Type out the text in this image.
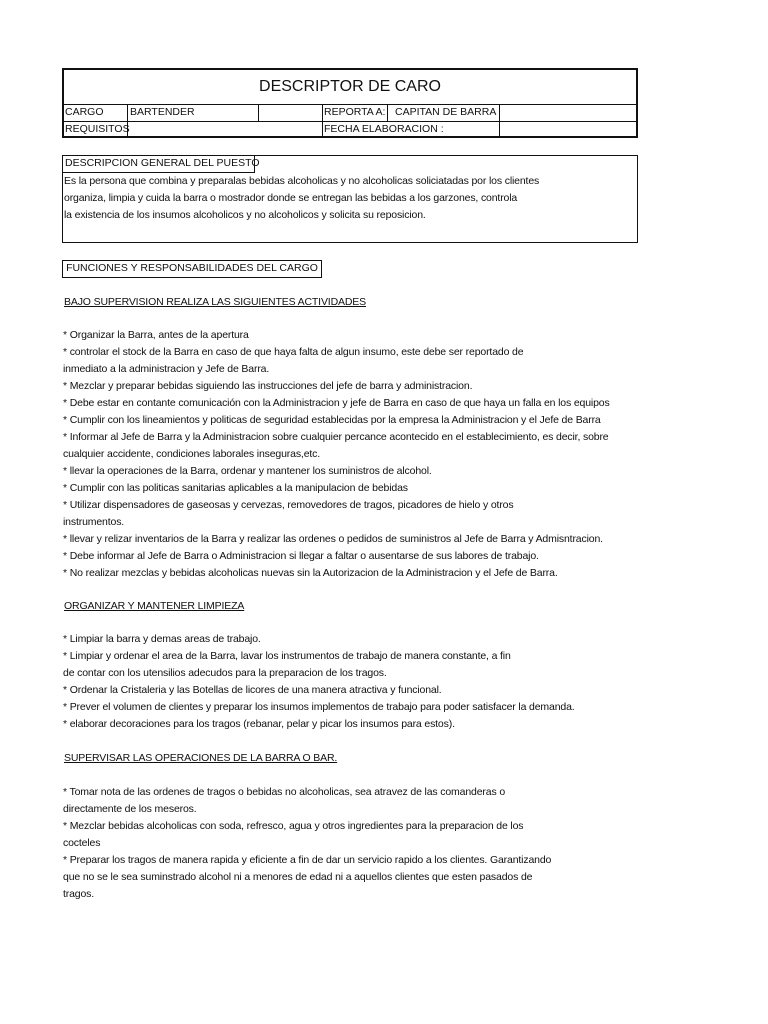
DESCRIPTOR DE CARO
CARGO	BARTENDER	REPORTA A: CAPITAN DE BARRA
REQUISITOS	FECHA ELABORACION :
DESCRIPCION GENERAL DEL PUESTO
Es la persona que combina y preparalas bebidas alcoholicas y no alcoholicas soliciatadas por los clientes
organiza, limpia y cuida la barra o mostrador donde se entregan las bebidas a los garzones, controla
la existencia de los insumos alcoholicos y no alcoholicos y solicita su reposicion.
FUNCIONES Y RESPONSABILIDADES DEL CARGO
BAJO SUPERVISION REALIZA LAS SIGUIENTES ACTIVIDADES
* Organizar la Barra, antes de la apertura
* controlar el stock de la Barra en caso de que haya falta de algun insumo, este debe ser reportado de
inmediato a la administracion y Jefe de Barra.
* Mezclar y preparar bebidas siguiendo las instrucciones del jefe de barra y administracion.
* Debe estar en contante comunicación con la Administracion y jefe de Barra en caso de que haya un falla en los equipos
* Cumplir con los lineamientos y politicas de seguridad establecidas por la empresa la Administracion y el Jefe de Barra
* Informar al Jefe de Barra y la Administracion sobre cualquier percance acontecido en el establecimiento, es decir, sobre
cualquier accidente, condiciones laborales inseguras,etc.
* llevar la operaciones de la Barra, ordenar y mantener los suministros de alcohol.
* Cumplir con las politicas sanitarias aplicables a la manipulacion de bebidas
* Utilizar dispensadores de gaseosas y cervezas, removedores de tragos, picadores de hielo y otros
instrumentos.
* llevar y relizar inventarios de la Barra y realizar las ordenes o pedidos de suministros al Jefe de Barra y Admisntracion.
* Debe informar al Jefe de Barra o Administracion si llegar a faltar o ausentarse de sus labores de trabajo.
* No realizar mezclas y bebidas alcoholicas nuevas sin la Autorizacion de la Administracion y el Jefe de Barra.
ORGANIZAR Y MANTENER LIMPIEZA
* Limpiar la barra y demas areas de trabajo.
* Limpiar y ordenar el area de la Barra, lavar los instrumentos de trabajo de manera constante, a fin
de contar con los utensilios adecudos para la preparacion de los tragos.
* Ordenar la Cristaleria y las Botellas de licores de una manera atractiva y funcional.
* Prever el volumen de clientes y preparar los insumos implementos de trabajo para poder satisfacer la demanda.
* elaborar decoraciones para los tragos (rebanar, pelar y picar los insumos para estos).
SUPERVISAR LAS OPERACIONES DE LA BARRA O BAR.
* Tomar nota de las ordenes de tragos o bebidas no alcoholicas, sea atravez de las comanderas o
directamente de los meseros.
* Mezclar bebidas alcoholicas con soda, refresco, agua y otros ingredientes para la preparacion de los
cocteles
* Preparar los tragos de manera rapida y eficiente a fin de dar un servicio rapido a los clientes. Garantizando
que no se le sea suminstrado alcohol ni a menores de edad ni a aquellos clientes que esten pasados de
tragos.
